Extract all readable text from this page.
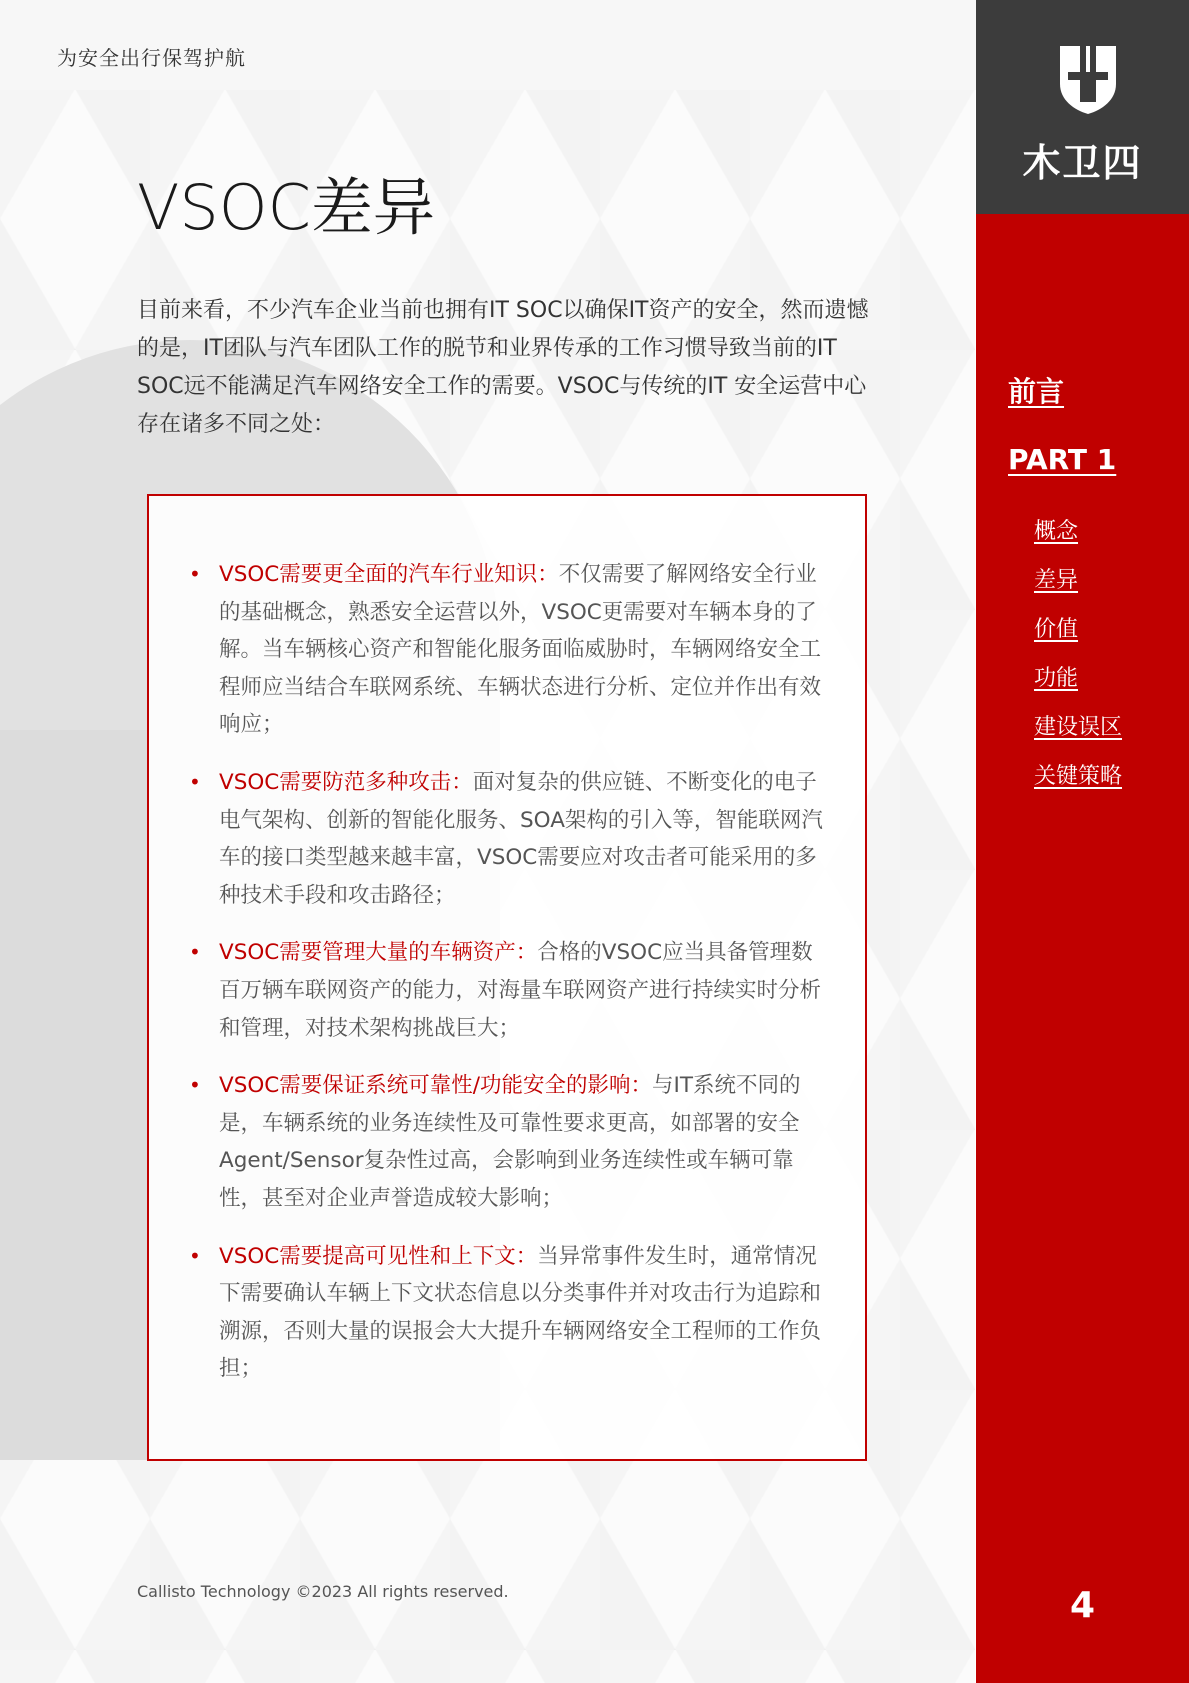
为安全出行保驾护航
木卫四
前言
PART 1
概念
差异
价值
功能
建设误区
关键策略
4
VSOC差异

目前来看，不少汽车企业当前也拥有IT SOC以确保IT资产的安全，然而遗憾的是，IT团队与汽车团队工作的脱节和业界传承的工作习惯导致当前的IT SOC远不能满足汽车网络安全工作的需要。VSOC与传统的IT 安全运营中心存在诸多不同之处：

• VSOC需要更全面的汽车行业知识：不仅需要了解网络安全行业的基础概念，熟悉安全运营以外，VSOC更需要对车辆本身的了解。当车辆核心资产和智能化服务面临威胁时，车辆网络安全工程师应当结合车联网系统、车辆状态进行分析、定位并作出有效响应；
• VSOC需要防范多种攻击：面对复杂的供应链、不断变化的电子电气架构、创新的智能化服务、SOA架构的引入等，智能联网汽车的接口类型越来越丰富，VSOC需要应对攻击者可能采用的多种技术手段和攻击路径；
• VSOC需要管理大量的车辆资产：合格的VSOC应当具备管理数百万辆车联网资产的能力，对海量车联网资产进行持续实时分析和管理，对技术架构挑战巨大；
• VSOC需要保证系统可靠性/功能安全的影响：与IT系统不同的是，车辆系统的业务连续性及可靠性要求更高，如部署的安全Agent/Sensor复杂性过高，会影响到业务连续性或车辆可靠性，甚至对企业声誉造成较大影响；
• VSOC需要提高可见性和上下文：当异常事件发生时，通常情况下需要确认车辆上下文状态信息以分类事件并对攻击行为追踪和溯源，否则大量的误报会大大提升车辆网络安全工程师的工作负担；
Callisto Technology ©2023 All rights reserved.
